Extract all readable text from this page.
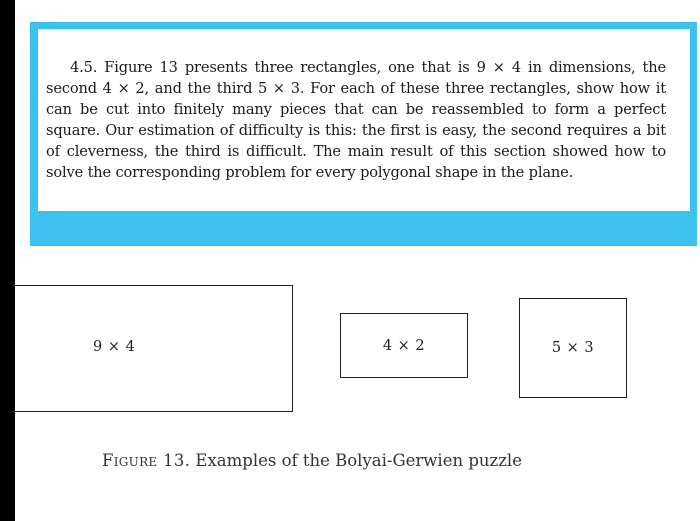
4.5. Figure 13 presents three rectangles, one that is 9 × 4 in dimensions, the second 4 × 2, and the third 5 × 3. For each of these three rectangles, show how it can be cut into finitely many pieces that can be reassembled to form a perfect square. Our estimation of difficulty is this: the first is easy, the second requires a bit of cleverness, the third is difficult. The main result of this section showed how to solve the corresponding problem for every polygonal shape in the plane.

9 × 4	4 × 2	5 × 3

Figure 13. Examples of the Bolyai-Gerwien puzzle
